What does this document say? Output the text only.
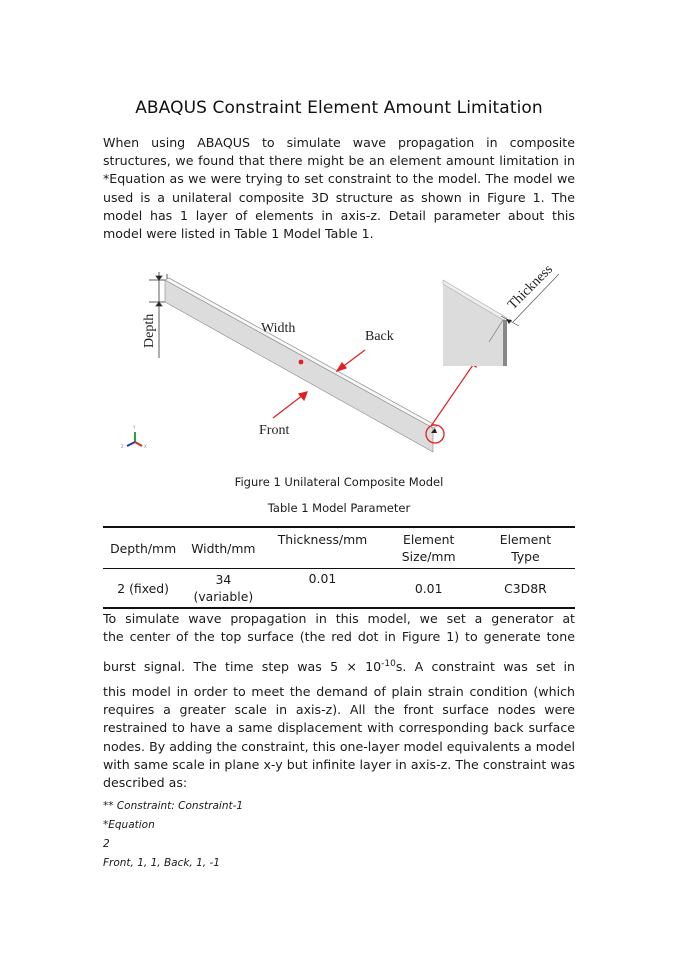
ABAQUS Constraint Element Amount Limitation
When using ABAQUS to simulate wave propagation in composite structures, we found that there might be an element amount limitation in *Equation as we were trying to set constraint to the model. The model we used is a unilateral composite 3D structure as shown in Figure 1. The model has 1 layer of elements in axis-z. Detail parameter about this model were listed in Table 1 Model Table 1.
Depth	Width
Back
Front
Thickness
Y
Z	X
Figure 1 Unilateral Composite Model
Table 1 Model Parameter
Depth/mm	Width/mm	Thickness/mm	Element Size/mm	Element Type
2 (fixed)	34 (variable)	0.01	0.01	C3D8R
To simulate wave propagation in this model, we set a generator at
the center of the top surface (the red dot in Figure 1) to generate tone
burst signal. The time step was $5 \times 10^{-10}s$. A constraint was set in
this model in order to meet the demand of plain strain condition (which requires a greater scale in axis-z). All the front surface nodes were restrained to have a same displacement with corresponding back surface nodes. By adding the constraint, this one-layer model equivalents a model with same scale in plane x-y but infinite layer in axis-z. The constraint was described as:
** Constraint: Constraint-1
*Equation
2
Front, 1, 1, Back, 1, -1
